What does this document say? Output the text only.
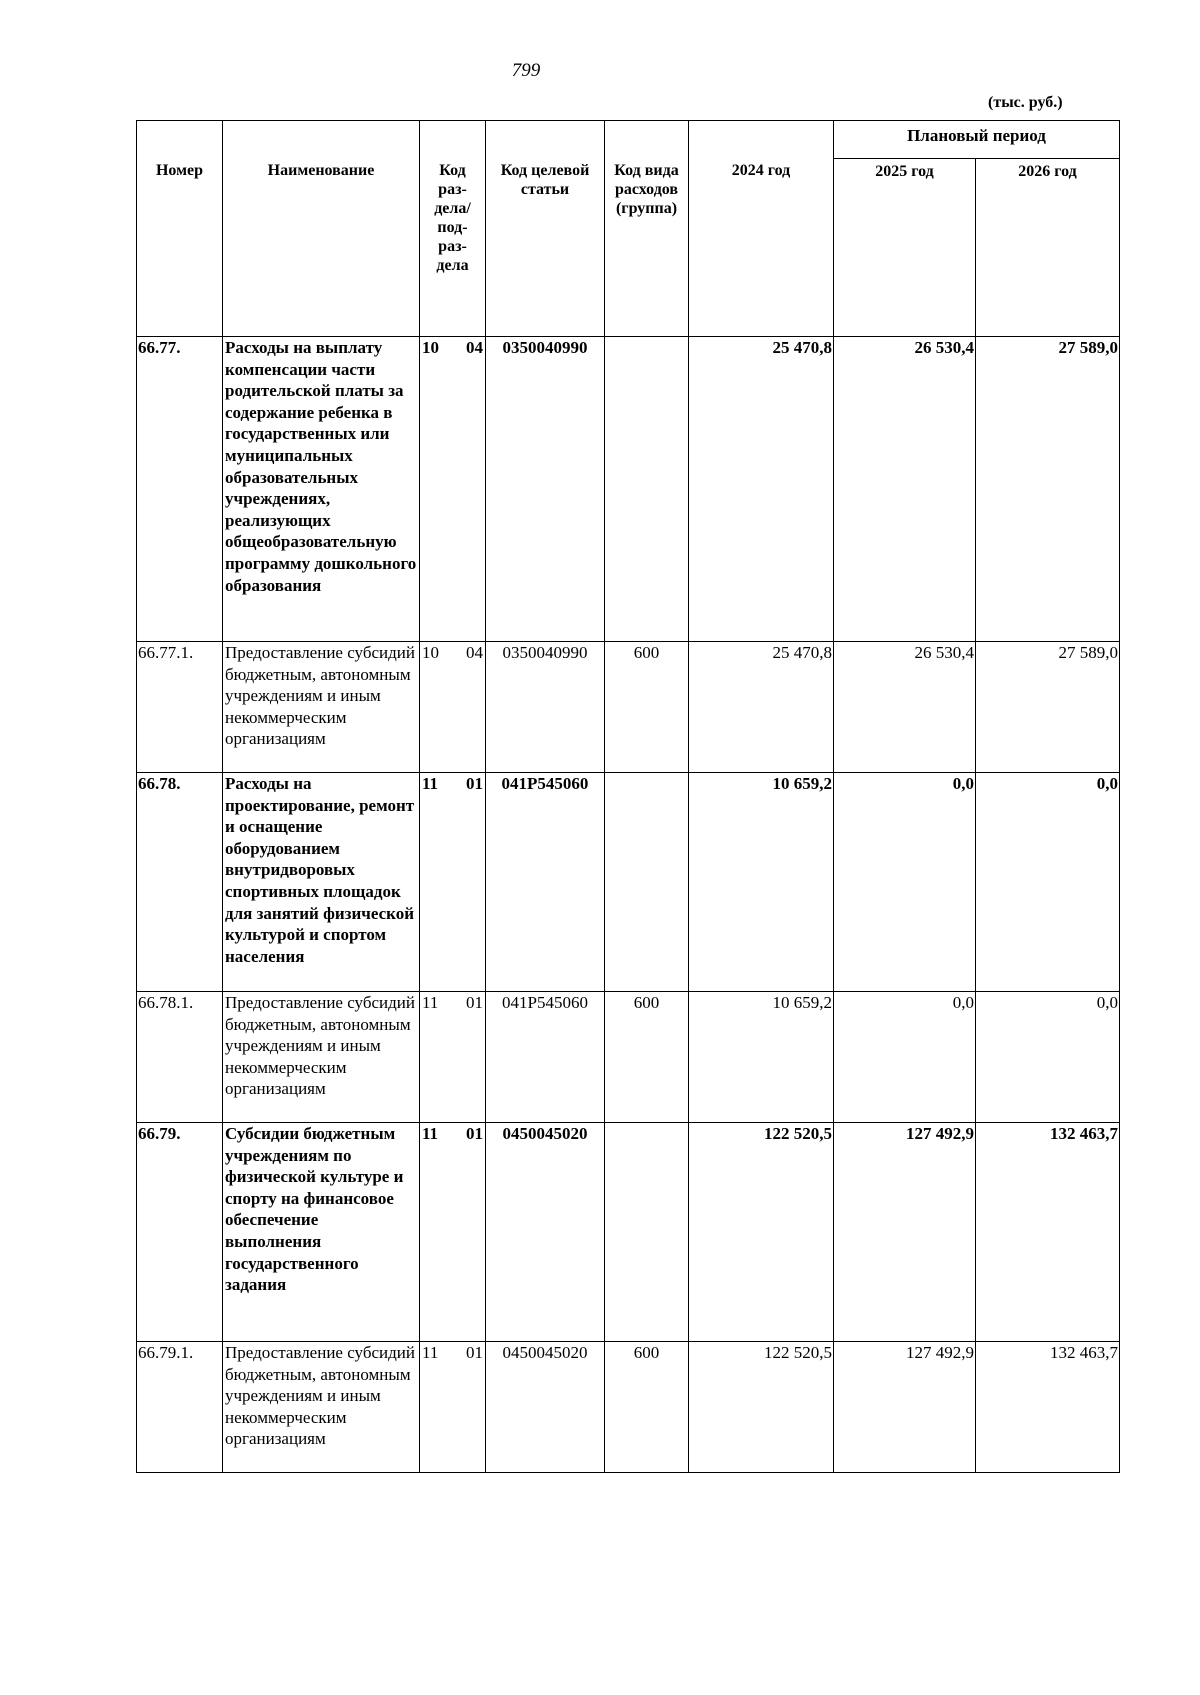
799
(тыс. руб.)
Номер	Наименование	Код раз-дела/ под-раз-дела	Код целевой статьи	Код вида расходов (группа)	2024 год	Плановый период	
						2025 год	2026 год
66.77.	Расходы на выплату компенсации части родительской платы за содержание ребенка в государственных или муниципальных образовательных учреждениях, реализующих общеобразовательную программу дошкольного образования	10 04	0350040990		25 470,8	26 530,4	27 589,0
66.77.1.	Предоставление субсидий бюджетным, автономным учреждениям и иным некоммерческим организациям	10 04	0350040990	600	25 470,8	26 530,4	27 589,0
66.78.	Расходы на проектирование, ремонт и оснащение оборудованием внутридворовых спортивных площадок для занятий физической культурой и спортом населения	11 01	041Р545060		10 659,2	0,0	0,0
66.78.1.	Предоставление субсидий бюджетным, автономным учреждениям и иным некоммерческим организациям	11 01	041Р545060	600	10 659,2	0,0	0,0
66.79.	Субсидии бюджетным учреждениям по физической культуре и спорту на финансовое обеспечение выполнения государственного задания	11 01	0450045020		122 520,5	127 492,9	132 463,7
66.79.1.	Предоставление субсидий бюджетным, автономным учреждениям и иным некоммерческим организациям	11 01	0450045020	600	122 520,5	127 492,9	132 463,7
